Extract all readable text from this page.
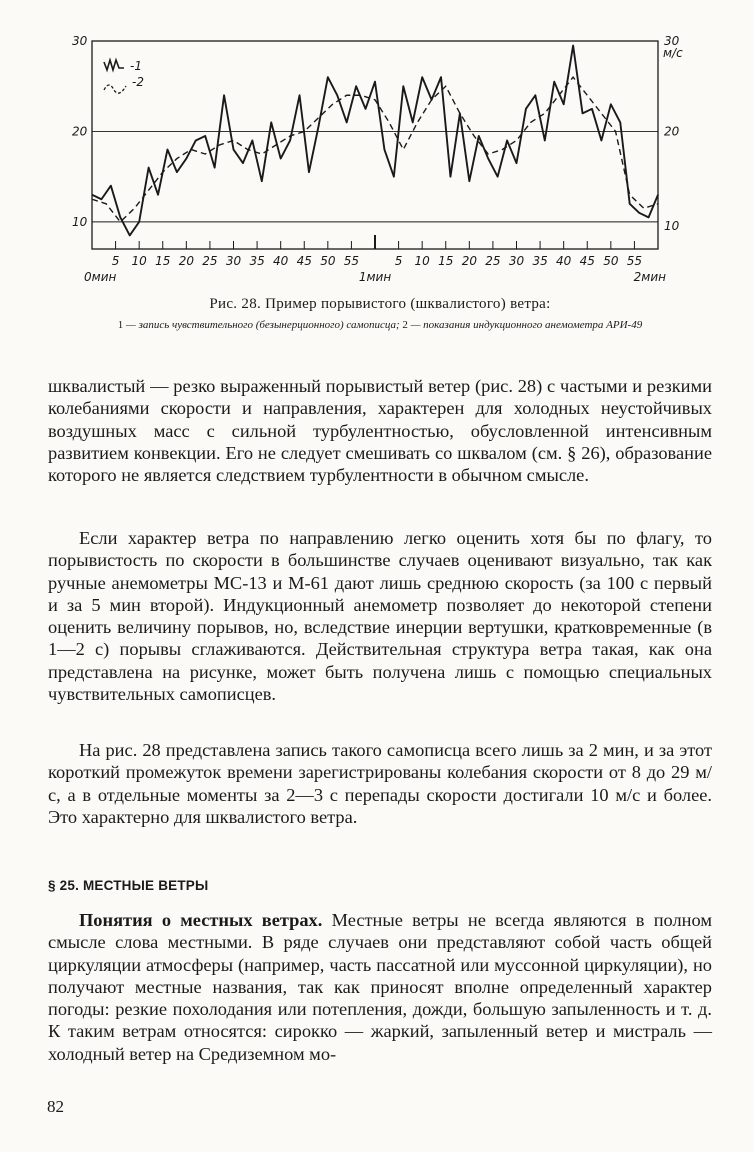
30	30
20	20
10	10
м/с
5 10 15 20 25 30 35 40 45 50 55	5 10 15 20 25 30 35 40 45 50 55
0мин	1мин	2мин
-1
-2
Рис. 28. Пример порывистого (шквалистого) ветра:
1 — запись чувствительного (безынерционного) самописца; 2 — показания индукционного анемометра АРИ-49

шквалистый — резко выраженный порывистый ветер (рис. 28) с частыми и резкими колебаниями скорости и направления, характерен для холодных неустойчивых воздушных масс с сильной турбулентностью, обусловленной интенсивным развитием конвекции. Его не следует смешивать со шквалом (см. § 26), образование которого не является следствием турбулентности в обычном смысле.

Если характер ветра по направлению легко оценить хотя бы по флагу, то порывистость по скорости в большинстве случаев оценивают визуально, так как ручные анемометры МС-13 и М-61 дают лишь среднюю скорость (за 100 с первый и за 5 мин второй). Индукционный анемометр позволяет до некоторой степени оценить величину порывов, но, вследствие инерции вертушки, кратковременные (в 1—2 с) порывы сглаживаются. Действительная структура ветра такая, как она представлена на рисунке, может быть получена лишь с помощью специальных чувствительных самописцев.

На рис. 28 представлена запись такого самописца всего лишь за 2 мин, и за этот короткий промежуток времени зарегистрированы колебания скорости от 8 до 29 м/с, а в отдельные моменты за 2—3 с перепады скорости достигали 10 м/с и более. Это характерно для шквалистого ветра.

§ 25. МЕСТНЫЕ ВЕТРЫ

Понятия о местных ветрах. Местные ветры не всегда являются в полном смысле слова местными. В ряде случаев они представляют собой часть общей циркуляции атмосферы (например, часть пассатной или муссонной циркуляции), но получают местные названия, так как приносят вполне определенный характер погоды: резкие похолодания или потепления, дожди, большую запыленность и т. д. К таким ветрам относятся: сирокко — жаркий, запыленный ветер и мистраль — холодный ветер на Средиземном мо-

82
